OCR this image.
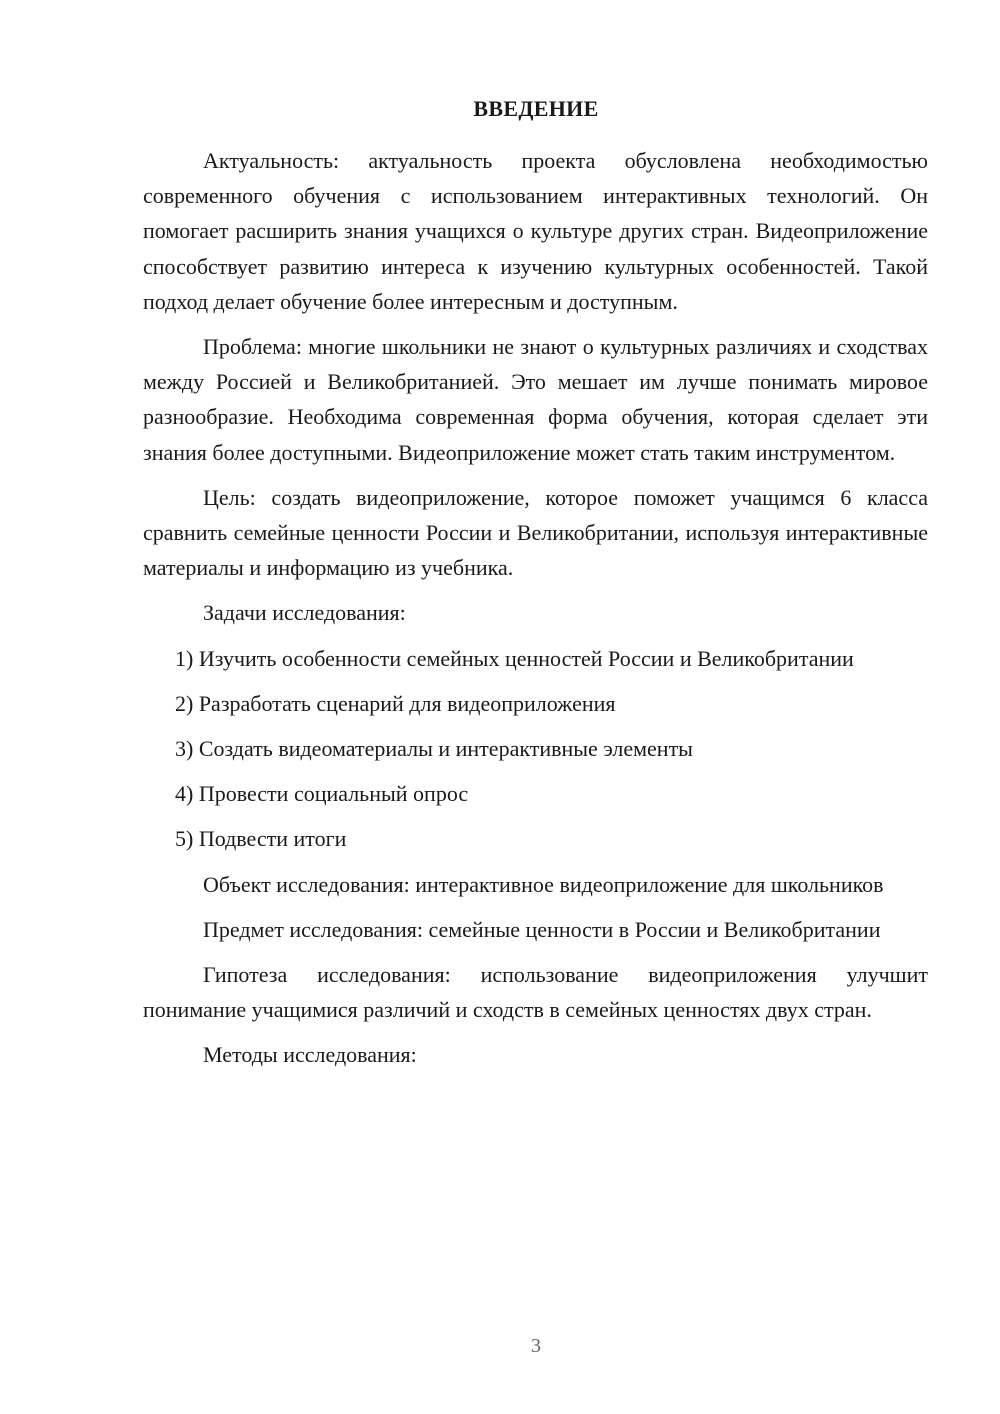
ВВЕДЕНИЕ

Актуальность: актуальность проекта обусловлена необходимостью современного обучения с использованием интерактивных технологий. Он помогает расширить знания учащихся о культуре других стран. Видеоприложение способствует развитию интереса к изучению культурных особенностей. Такой подход делает обучение более интересным и доступным.

Проблема: многие школьники не знают о культурных различиях и сходствах между Россией и Великобританией. Это мешает им лучше понимать мировое разнообразие. Необходима современная форма обучения, которая сделает эти знания более доступными. Видеоприложение может стать таким инструментом.

Цель: создать видеоприложение, которое поможет учащимся 6 класса сравнить семейные ценности России и Великобритании, используя интерактивные материалы и информацию из учебника.

Задачи исследования:

1) Изучить особенности семейных ценностей России и Великобритании

2) Разработать сценарий для видеоприложения

3) Создать видеоматериалы и интерактивные элементы

4) Провести социальный опрос

5) Подвести итоги

Объект исследования: интерактивное видеоприложение для школьников

Предмет исследования: семейные ценности в России и Великобритании

Гипотеза исследования: использование видеоприложения улучшит понимание учащимися различий и сходств в семейных ценностях двух стран.

Методы исследования:

3
